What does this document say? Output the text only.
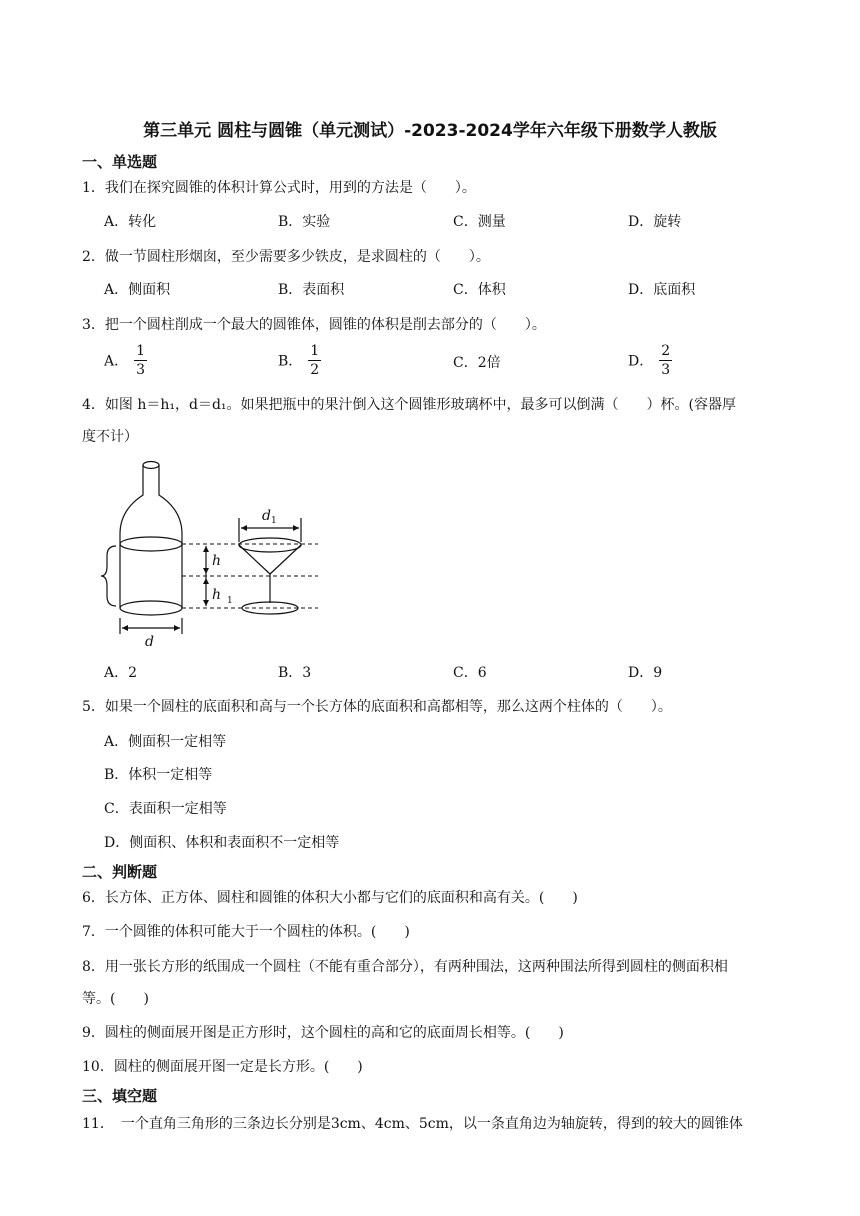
第三单元 圆柱与圆锥（单元测试）-2023-2024学年六年级下册数学人教版
一、单选题
1．我们在探究圆锥的体积计算公式时，用到的方法是（　　）。
A．转化	B．实验	C．测量	D．旋转
2．做一节圆柱形烟囱，至少需要多少铁皮，是求圆柱的（　　）。
A．侧面积	B．表面积	C．体积	D．底面积
3．把一个圆柱削成一个最大的圆锥体，圆锥的体积是削去部分的（　　）。
A． $\frac{1}{3}$	B． $\frac{1}{2}$	C．2倍	D． $\frac{2}{3}$
4．如图 h＝h₁，d＝d₁。如果把瓶中的果汁倒入这个圆锥形玻璃杯中，最多可以倒满（　　）杯。(容器厚
度不计）
$d_1$
h
h $_1$
d
A．2	B．3	C．6	D．9
5．如果一个圆柱的底面积和高与一个长方体的底面积和高都相等，那么这两个柱体的（　　）。
A．侧面积一定相等
B．体积一定相等
C．表面积一定相等
D．侧面积、体积和表面积不一定相等
二、判断题
6．长方体、正方体、圆柱和圆锥的体积大小都与它们的底面积和高有关。(　　)
7．一个圆锥的体积可能大于一个圆柱的体积。(　　)
8．用一张长方形的纸围成一个圆柱（不能有重合部分），有两种围法，这两种围法所得到圆柱的侧面积相
等。(　　)
9．圆柱的侧面展开图是正方形时，这个圆柱的高和它的底面周长相等。(　　)
10．圆柱的侧面展开图一定是长方形。(　　)
三、填空题
11．　一个直角三角形的三条边长分别是3cm、4cm、5cm，以一条直角边为轴旋转，得到的较大的圆锥体
